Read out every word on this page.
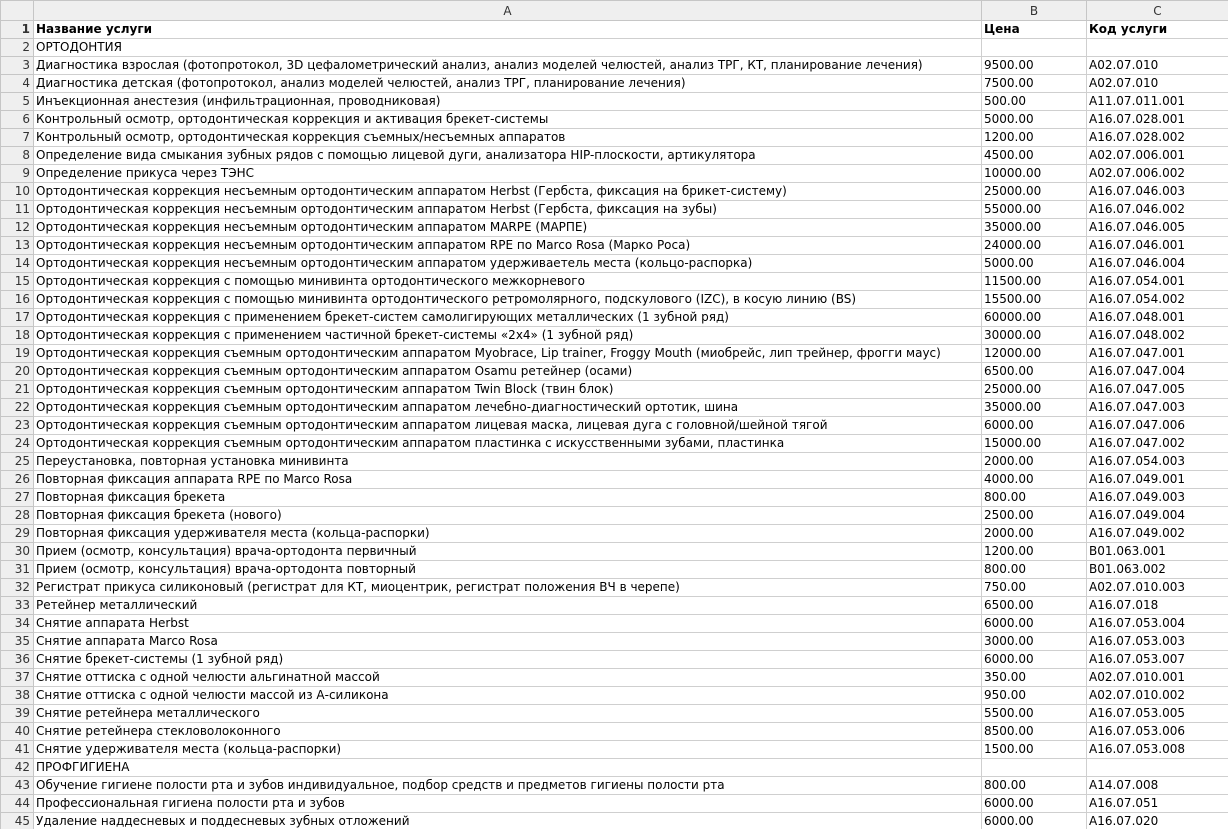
	A	B	C
1	Название услуги	Цена	Код услуги
2	ОРТОДОНТИЯ		
3	Диагностика взрослая (фотопротокол, 3D цефалометрический анализ, анализ моделей челюстей, анализ ТРГ, КТ, планирование лечения)	9500.00	A02.07.010
4	Диагностика детская (фотопротокол, анализ моделей челюстей, анализ ТРГ, планирование лечения)	7500.00	A02.07.010
5	Инъекционная анестезия (инфильтрационная, проводниковая)	500.00	A11.07.011.001
6	Контрольный осмотр, ортодонтическая коррекция и активация брекет-системы	5000.00	A16.07.028.001
7	Контрольный осмотр, ортодонтическая коррекция съемных/несъемных аппаратов	1200.00	A16.07.028.002
8	Определение вида смыкания зубных рядов с помощью лицевой дуги, анализатора HIP-плоскости, артикулятора	4500.00	A02.07.006.001
9	Определение прикуса через ТЭНС	10000.00	A02.07.006.002
10	Ортодонтическая коррекция несъемным ортодонтическим аппаратом Herbst (Гербста, фиксация на брикет-систему)	25000.00	A16.07.046.003
11	Ортодонтическая коррекция несъемным ортодонтическим аппаратом Herbst (Гербста, фиксация на зубы)	55000.00	A16.07.046.002
12	Ортодонтическая коррекция несъемным ортодонтическим аппаратом MARPE (МАРПЕ)	35000.00	A16.07.046.005
13	Ортодонтическая коррекция несъемным ортодонтическим аппаратом RPE по Marco Rosa (Марко Роса)	24000.00	A16.07.046.001
14	Ортодонтическая коррекция несъемным ортодонтическим аппаратом удерживаетель места (кольцо-распорка)	5000.00	A16.07.046.004
15	Ортодонтическая коррекция с помощью минивинта ортодонтического межкорневого	11500.00	A16.07.054.001
16	Ортодонтическая коррекция с помощью минивинта ортодонтического ретромолярного, подскулового (IZC), в косую линию (BS)	15500.00	A16.07.054.002
17	Ортодонтическая коррекция с применением брекет-систем самолигирующих металлических (1 зубной ряд)	60000.00	A16.07.048.001
18	Ортодонтическая коррекция с применением частичной брекет-системы «2х4» (1 зубной ряд)	30000.00	A16.07.048.002
19	Ортодонтическая коррекция съемным ортодонтическим аппаратом Myobrace, Lip trainer, Froggy Mouth (миобрейс, лип трейнер, фрогги маус)	12000.00	A16.07.047.001
20	Ортодонтическая коррекция съемным ортодонтическим аппаратом Osamu ретейнер (осами)	6500.00	A16.07.047.004
21	Ортодонтическая коррекция съемным ортодонтическим аппаратом Twin Block (твин блок)	25000.00	A16.07.047.005
22	Ортодонтическая коррекция съемным ортодонтическим аппаратом лечебно-диагностический ортотик, шина	35000.00	A16.07.047.003
23	Ортодонтическая коррекция съемным ортодонтическим аппаратом лицевая маска, лицевая дуга с головной/шейной тягой	6000.00	A16.07.047.006
24	Ортодонтическая коррекция съемным ортодонтическим аппаратом пластинка с искусственными зубами, пластинка	15000.00	A16.07.047.002
25	Переустановка, повторная установка минивинта	2000.00	A16.07.054.003
26	Повторная фиксация аппарата RPE по Marco Rosa	4000.00	A16.07.049.001
27	Повторная фиксация брекета	800.00	A16.07.049.003
28	Повторная фиксация брекета (нового)	2500.00	A16.07.049.004
29	Повторная фиксация удерживателя места (кольца-распорки)	2000.00	A16.07.049.002
30	Прием (осмотр, консультация) врача-ортодонта первичный	1200.00	B01.063.001
31	Прием (осмотр, консультация) врача-ортодонта повторный	800.00	B01.063.002
32	Регистрат прикуса силиконовый (регистрат для КТ, миоцентрик, регистрат положения ВЧ в черепе)	750.00	A02.07.010.003
33	Ретейнер металлический	6500.00	A16.07.018
34	Снятие аппарата Herbst	6000.00	A16.07.053.004
35	Снятие аппарата Marco Rosa	3000.00	A16.07.053.003
36	Снятие брекет-системы (1 зубной ряд)	6000.00	A16.07.053.007
37	Снятие оттиска с одной челюсти альгинатной массой	350.00	A02.07.010.001
38	Снятие оттиска с одной челюсти массой из А-силикона	950.00	A02.07.010.002
39	Снятие ретейнера металлического	5500.00	A16.07.053.005
40	Снятие ретейнера стекловолоконного	8500.00	A16.07.053.006
41	Снятие удерживателя места (кольца-распорки)	1500.00	A16.07.053.008
42	ПРОФГИГИЕНА		
43	Обучение гигиене полости рта и зубов индивидуальное, подбор средств и предметов гигиены полости рта	800.00	A14.07.008
44	Профессиональная гигиена полости рта и зубов	6000.00	A16.07.051
45	Удаление наддесневых и поддесневых зубных отложений	6000.00	A16.07.020
